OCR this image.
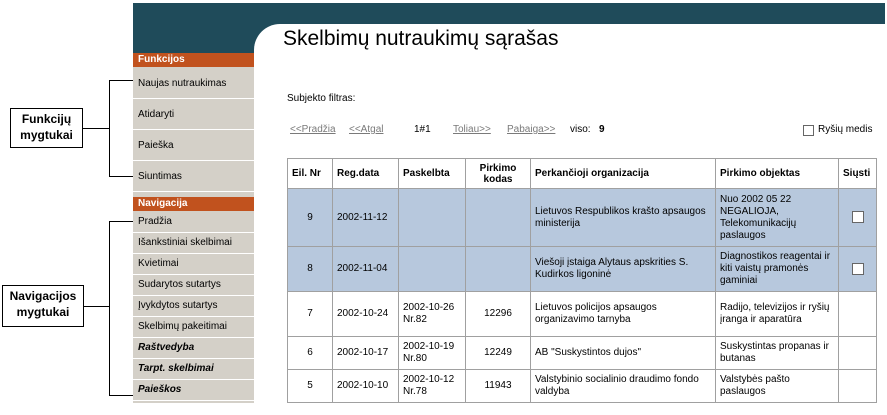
Skelbimų nutraukimų sąrašas
Funkcijos
Naujas nutraukimas
Atidaryti
Paieška
Siuntimas
Navigacija
Pradžia
Išankstiniai skelbimai
Kvietimai
Sudarytos sutartys
Įvykdytos sutartys
Skelbimų pakeitimai
Raštvedyba
Tarpt. skelbimai
Paieškos
Funkcijų
mygtukai
Navigacijos
mygtukai
Subjekto filtras:
<<Pradžia <<Atgal	1#1 Toliau>> Pabaiga>> viso: 9	Ryšių medis
Eil. Nr	Reg.data	Paskelbta	Pirkimo kodas	Perkančioji organizacija	Pirkimo objektas	Siųsti
9	2002-11-12			Lietuvos Respublikos krašto apsaugos ministerija	Nuo 2002 05 22 NEGALIOJA, Telekomunikacijų paslaugos	
8	2002-11-04			Viešoji įstaiga Alytaus apskrities S. Kudirkos ligoninė	Diagnostikos reagentai ir kiti vaistų pramonės gaminiai	
7	2002-10-24	2002-10-26 Nr.82	12296	Lietuvos policijos apsaugos organizavimo tarnyba	Radijo, televizijos ir ryšių įranga ir aparatūra	
6	2002-10-17	2002-10-19 Nr.80	12249	AB "Suskystintos dujos"	Suskystintas propanas ir butanas	
5	2002-10-10	2002-10-12 Nr.78	11943	Valstybinio socialinio draudimo fondo valdyba	Valstybės pašto paslaugos	
